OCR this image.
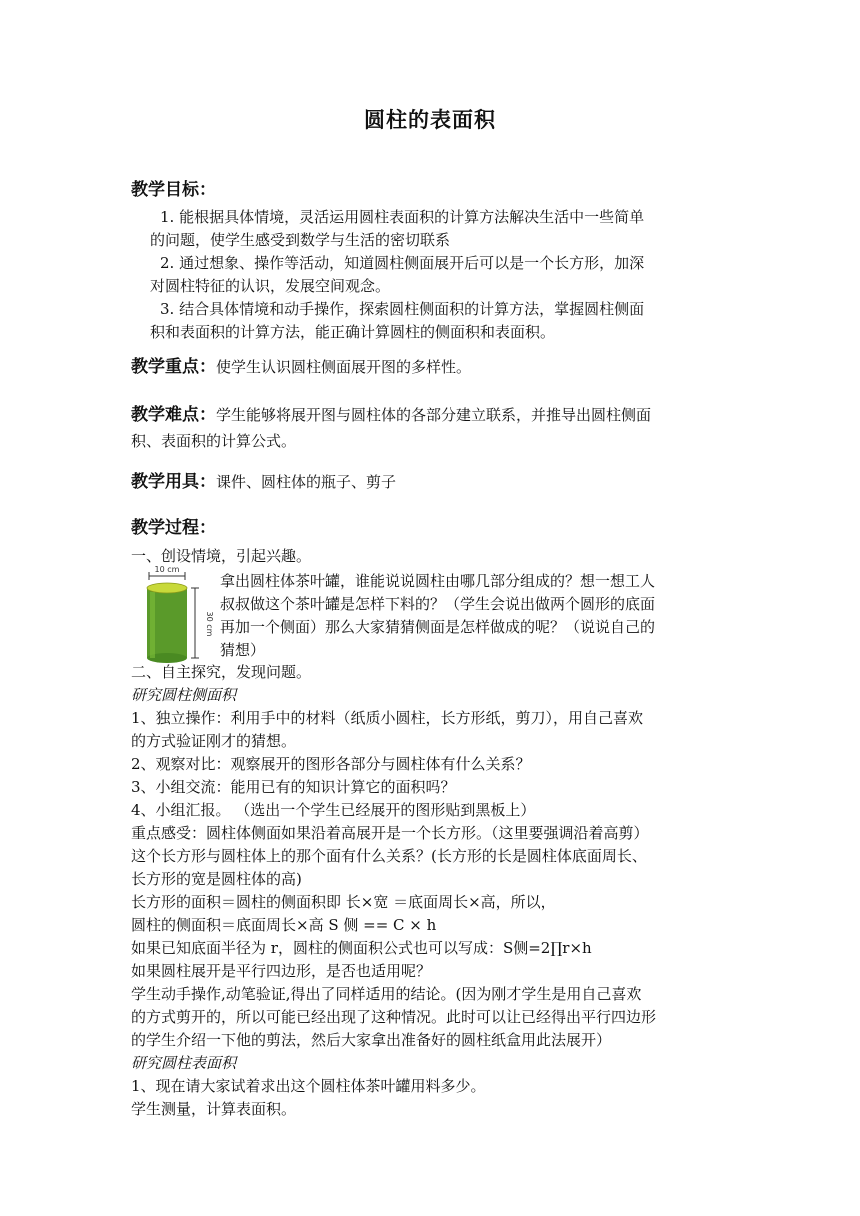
圆柱的表面积
教学目标：
1. 能根据具体情境，灵活运用圆柱表面积的计算方法解决生活中一些简单
的问题，使学生感受到数学与生活的密切联系
2. 通过想象、操作等活动，知道圆柱侧面展开后可以是一个长方形，加深
对圆柱特征的认识，发展空间观念。
3. 结合具体情境和动手操作，探索圆柱侧面积的计算方法，掌握圆柱侧面
积和表面积的计算方法，能正确计算圆柱的侧面积和表面积。
教学重点：使学生认识圆柱侧面展开图的多样性。
教学难点：学生能够将展开图与圆柱体的各部分建立联系，并推导出圆柱侧面
积、表面积的计算公式。
教学用具：课件、圆柱体的瓶子、剪子
教学过程：
一、创设情境，引起兴趣。
10 cm
30 cm
拿出圆柱体茶叶罐，谁能说说圆柱由哪几部分组成的？想一想工人
叔叔做这个茶叶罐是怎样下料的？（学生会说出做两个圆形的底面
再加一个侧面）那么大家猜猜侧面是怎样做成的呢？（说说自己的
猜想）
二、自主探究，发现问题。
研究圆柱侧面积
1、独立操作：利用手中的材料（纸质小圆柱，长方形纸，剪刀），用自己喜欢
的方式验证刚才的猜想。
2、观察对比：观察展开的图形各部分与圆柱体有什么关系？
3、小组交流：能用已有的知识计算它的面积吗？
4、小组汇报。 （选出一个学生已经展开的图形贴到黑板上）
重点感受：圆柱体侧面如果沿着高展开是一个长方形。（这里要强调沿着高剪）
这个长方形与圆柱体上的那个面有什么关系？(长方形的长是圆柱体底面周长、
长方形的宽是圆柱体的高)
长方形的面积＝圆柱的侧面积即 长×宽 ＝底面周长×高，所以，
圆柱的侧面积＝底面周长×高 S 侧 == C × h
如果已知底面半径为 r，圆柱的侧面积公式也可以写成：S侧=2∏r×h
如果圆柱展开是平行四边形，是否也适用呢？
学生动手操作,动笔验证,得出了同样适用的结论。(因为刚才学生是用自己喜欢
的方式剪开的，所以可能已经出现了这种情况。此时可以让已经得出平行四边形
的学生介绍一下他的剪法，然后大家拿出准备好的圆柱纸盒用此法展开）
研究圆柱表面积
1、现在请大家试着求出这个圆柱体茶叶罐用料多少。
学生测量，计算表面积。
